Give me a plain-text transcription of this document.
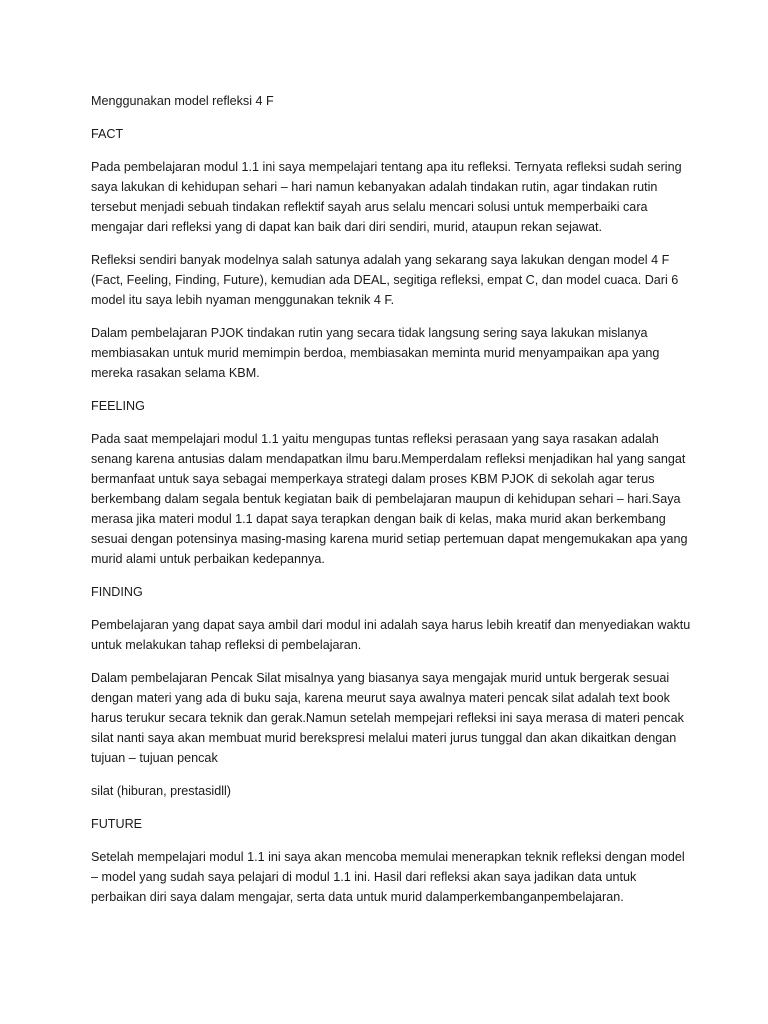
Menggunakan model refleksi 4 F

FACT

Pada pembelajaran modul 1.1 ini saya mempelajari tentang apa itu refleksi. Ternyata refleksi sudah sering saya lakukan di kehidupan sehari – hari namun kebanyakan adalah tindakan rutin, agar tindakan rutin tersebut menjadi sebuah tindakan reflektif sayah arus selalu mencari solusi untuk memperbaiki cara mengajar dari refleksi yang di dapat kan baik dari diri sendiri, murid, ataupun rekan sejawat.

Refleksi sendiri banyak modelnya salah satunya adalah yang sekarang saya lakukan dengan model 4 F (Fact, Feeling, Finding, Future), kemudian ada DEAL, segitiga refleksi, empat C, dan model cuaca. Dari 6 model itu saya lebih nyaman menggunakan teknik 4 F.

Dalam pembelajaran PJOK tindakan rutin yang secara tidak langsung sering saya lakukan mislanya membiasakan untuk murid memimpin berdoa, membiasakan meminta murid menyampaikan apa yang mereka rasakan selama KBM.

FEELING

Pada saat mempelajari modul 1.1 yaitu mengupas tuntas refleksi perasaan yang saya rasakan adalah senang karena antusias dalam mendapatkan ilmu baru.Memperdalam refleksi menjadikan hal yang sangat bermanfaat untuk saya sebagai memperkaya strategi dalam proses KBM PJOK di sekolah agar terus berkembang dalam segala bentuk kegiatan baik di pembelajaran maupun di kehidupan sehari – hari.Saya merasa jika materi modul 1.1 dapat saya terapkan dengan baik di kelas, maka murid akan berkembang sesuai dengan potensinya masing-masing karena murid setiap pertemuan dapat mengemukakan apa yang murid alami untuk perbaikan kedepannya.

FINDING

Pembelajaran yang dapat saya ambil dari modul ini adalah saya harus lebih kreatif dan menyediakan waktu untuk melakukan tahap refleksi di pembelajaran.

Dalam pembelajaran Pencak Silat misalnya yang biasanya saya mengajak murid untuk bergerak sesuai dengan materi yang ada di buku saja, karena meurut saya awalnya materi pencak silat adalah text book harus terukur secara teknik dan gerak.Namun setelah mempejari refleksi ini saya merasa di materi pencak silat nanti saya akan membuat murid berekspresi melalui materi jurus tunggal dan akan dikaitkan dengan tujuan – tujuan pencak

silat (hiburan, prestasidll)

FUTURE

Setelah mempelajari modul 1.1 ini saya akan mencoba memulai menerapkan teknik refleksi dengan model – model yang sudah saya pelajari di modul 1.1 ini. Hasil dari refleksi akan saya jadikan data untuk perbaikan diri saya dalam mengajar, serta data untuk murid dalamperkembanganpembelajaran.
